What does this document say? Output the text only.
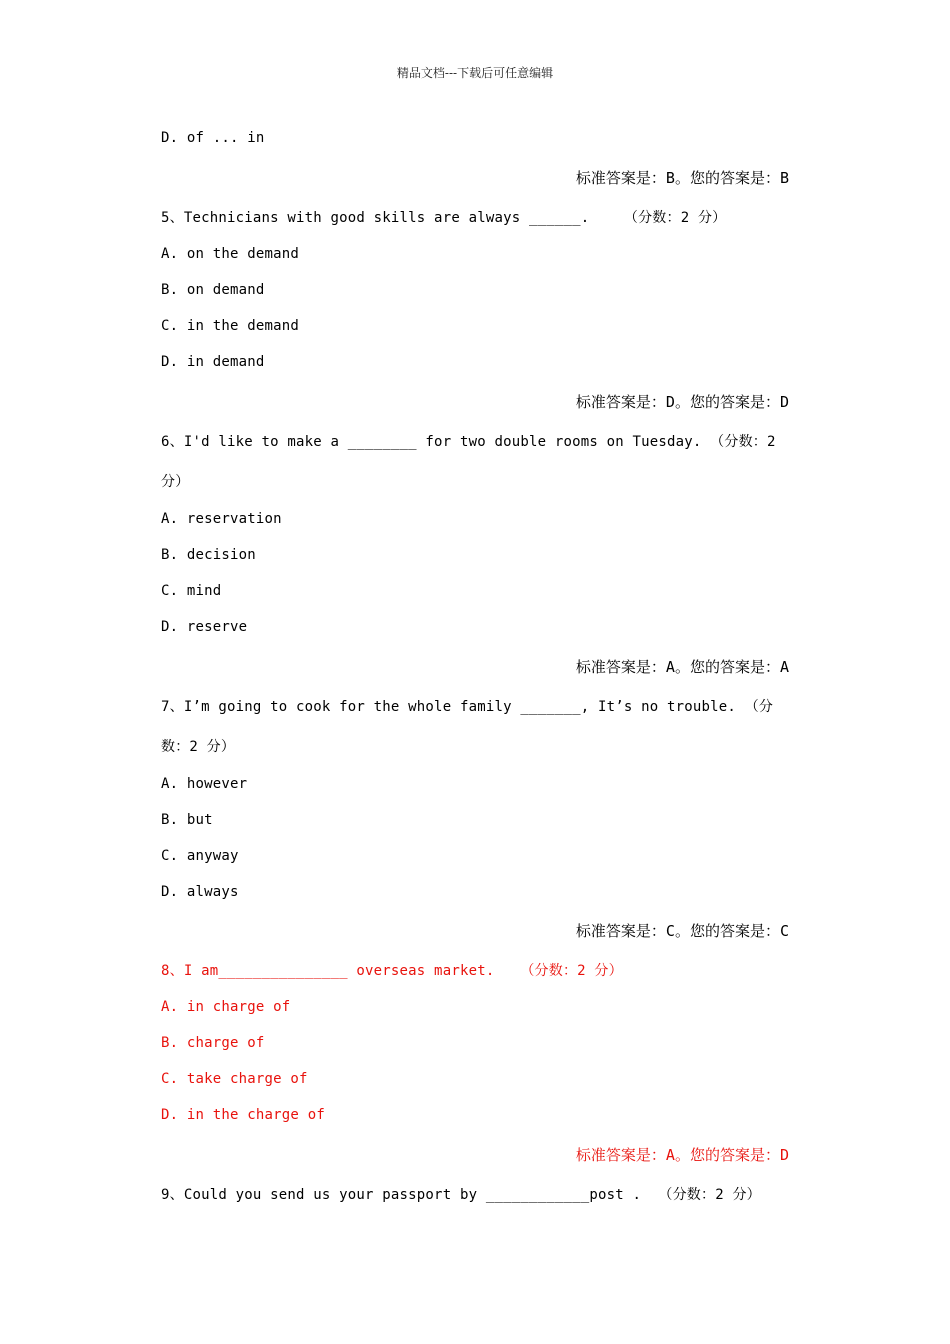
精品文档---下载后可任意编辑
D. of ... in
标准答案是：B。您的答案是：B
5、Technicians with good skills are always ______.    （分数：2 分）
A. on the demand
B. on demand
C. in the demand
D. in demand
标准答案是：D。您的答案是：D
6、I'd like to make a ________ for two double rooms on Tuesday. （分数：2
分）
A. reservation
B. decision
C. mind
D. reserve
标准答案是：A。您的答案是：A
7、I’m going to cook for the whole family _______, It’s no trouble. （分
数：2 分）
A. however
B. but
C. anyway
D. always
标准答案是：C。您的答案是：C
8、I am_______________ overseas market.   （分数：2 分）
A. in charge of
B. charge of
C. take charge of
D. in the charge of
标准答案是：A。您的答案是：D
9、Could you send us your passport by ____________post .  （分数：2 分）
